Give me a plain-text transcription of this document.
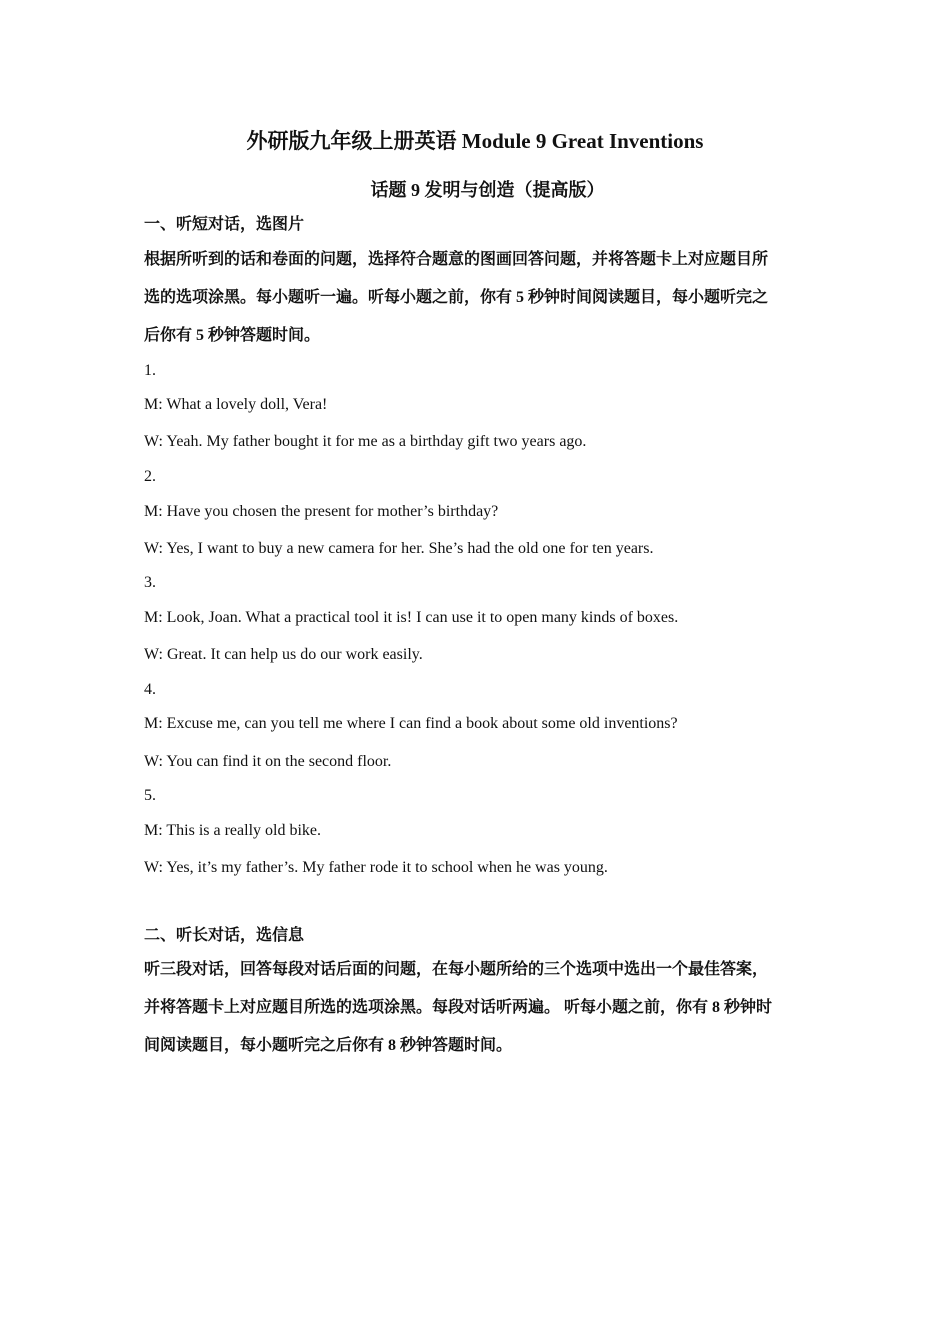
外研版九年级上册英语 Module 9 Great Inventions
话题 9 发明与创造（提高版）
一、听短对话，选图片
根据所听到的话和卷面的问题，选择符合题意的图画回答问题，并将答题卡上对应题目所
选的选项涂黑。每小题听一遍。听每小题之前，你有 5 秒钟时间阅读题目，每小题听完之
后你有 5 秒钟答题时间。
1.
M: What a lovely doll, Vera!
W: Yeah. My father bought it for me as a birthday gift two years ago.
2.
M: Have you chosen the present for mother’s birthday?
W: Yes, I want to buy a new camera for her. She’s had the old one for ten years.
3.
M: Look, Joan. What a practical tool it is! I can use it to open many kinds of boxes.
W: Great. It can help us do our work easily.
4.
M: Excuse me, can you tell me where I can find a book about some old inventions?
W: You can find it on the second floor.
5.
M: This is a really old bike.
W: Yes, it’s my father’s. My father rode it to school when he was young.
二、听长对话，选信息
听三段对话，回答每段对话后面的问题，在每小题所给的三个选项中选出一个最佳答案，
并将答题卡上对应题目所选的选项涂黑。每段对话听两遍。 听每小题之前，你有 8 秒钟时
间阅读题目，每小题听完之后你有 8 秒钟答题时间。
